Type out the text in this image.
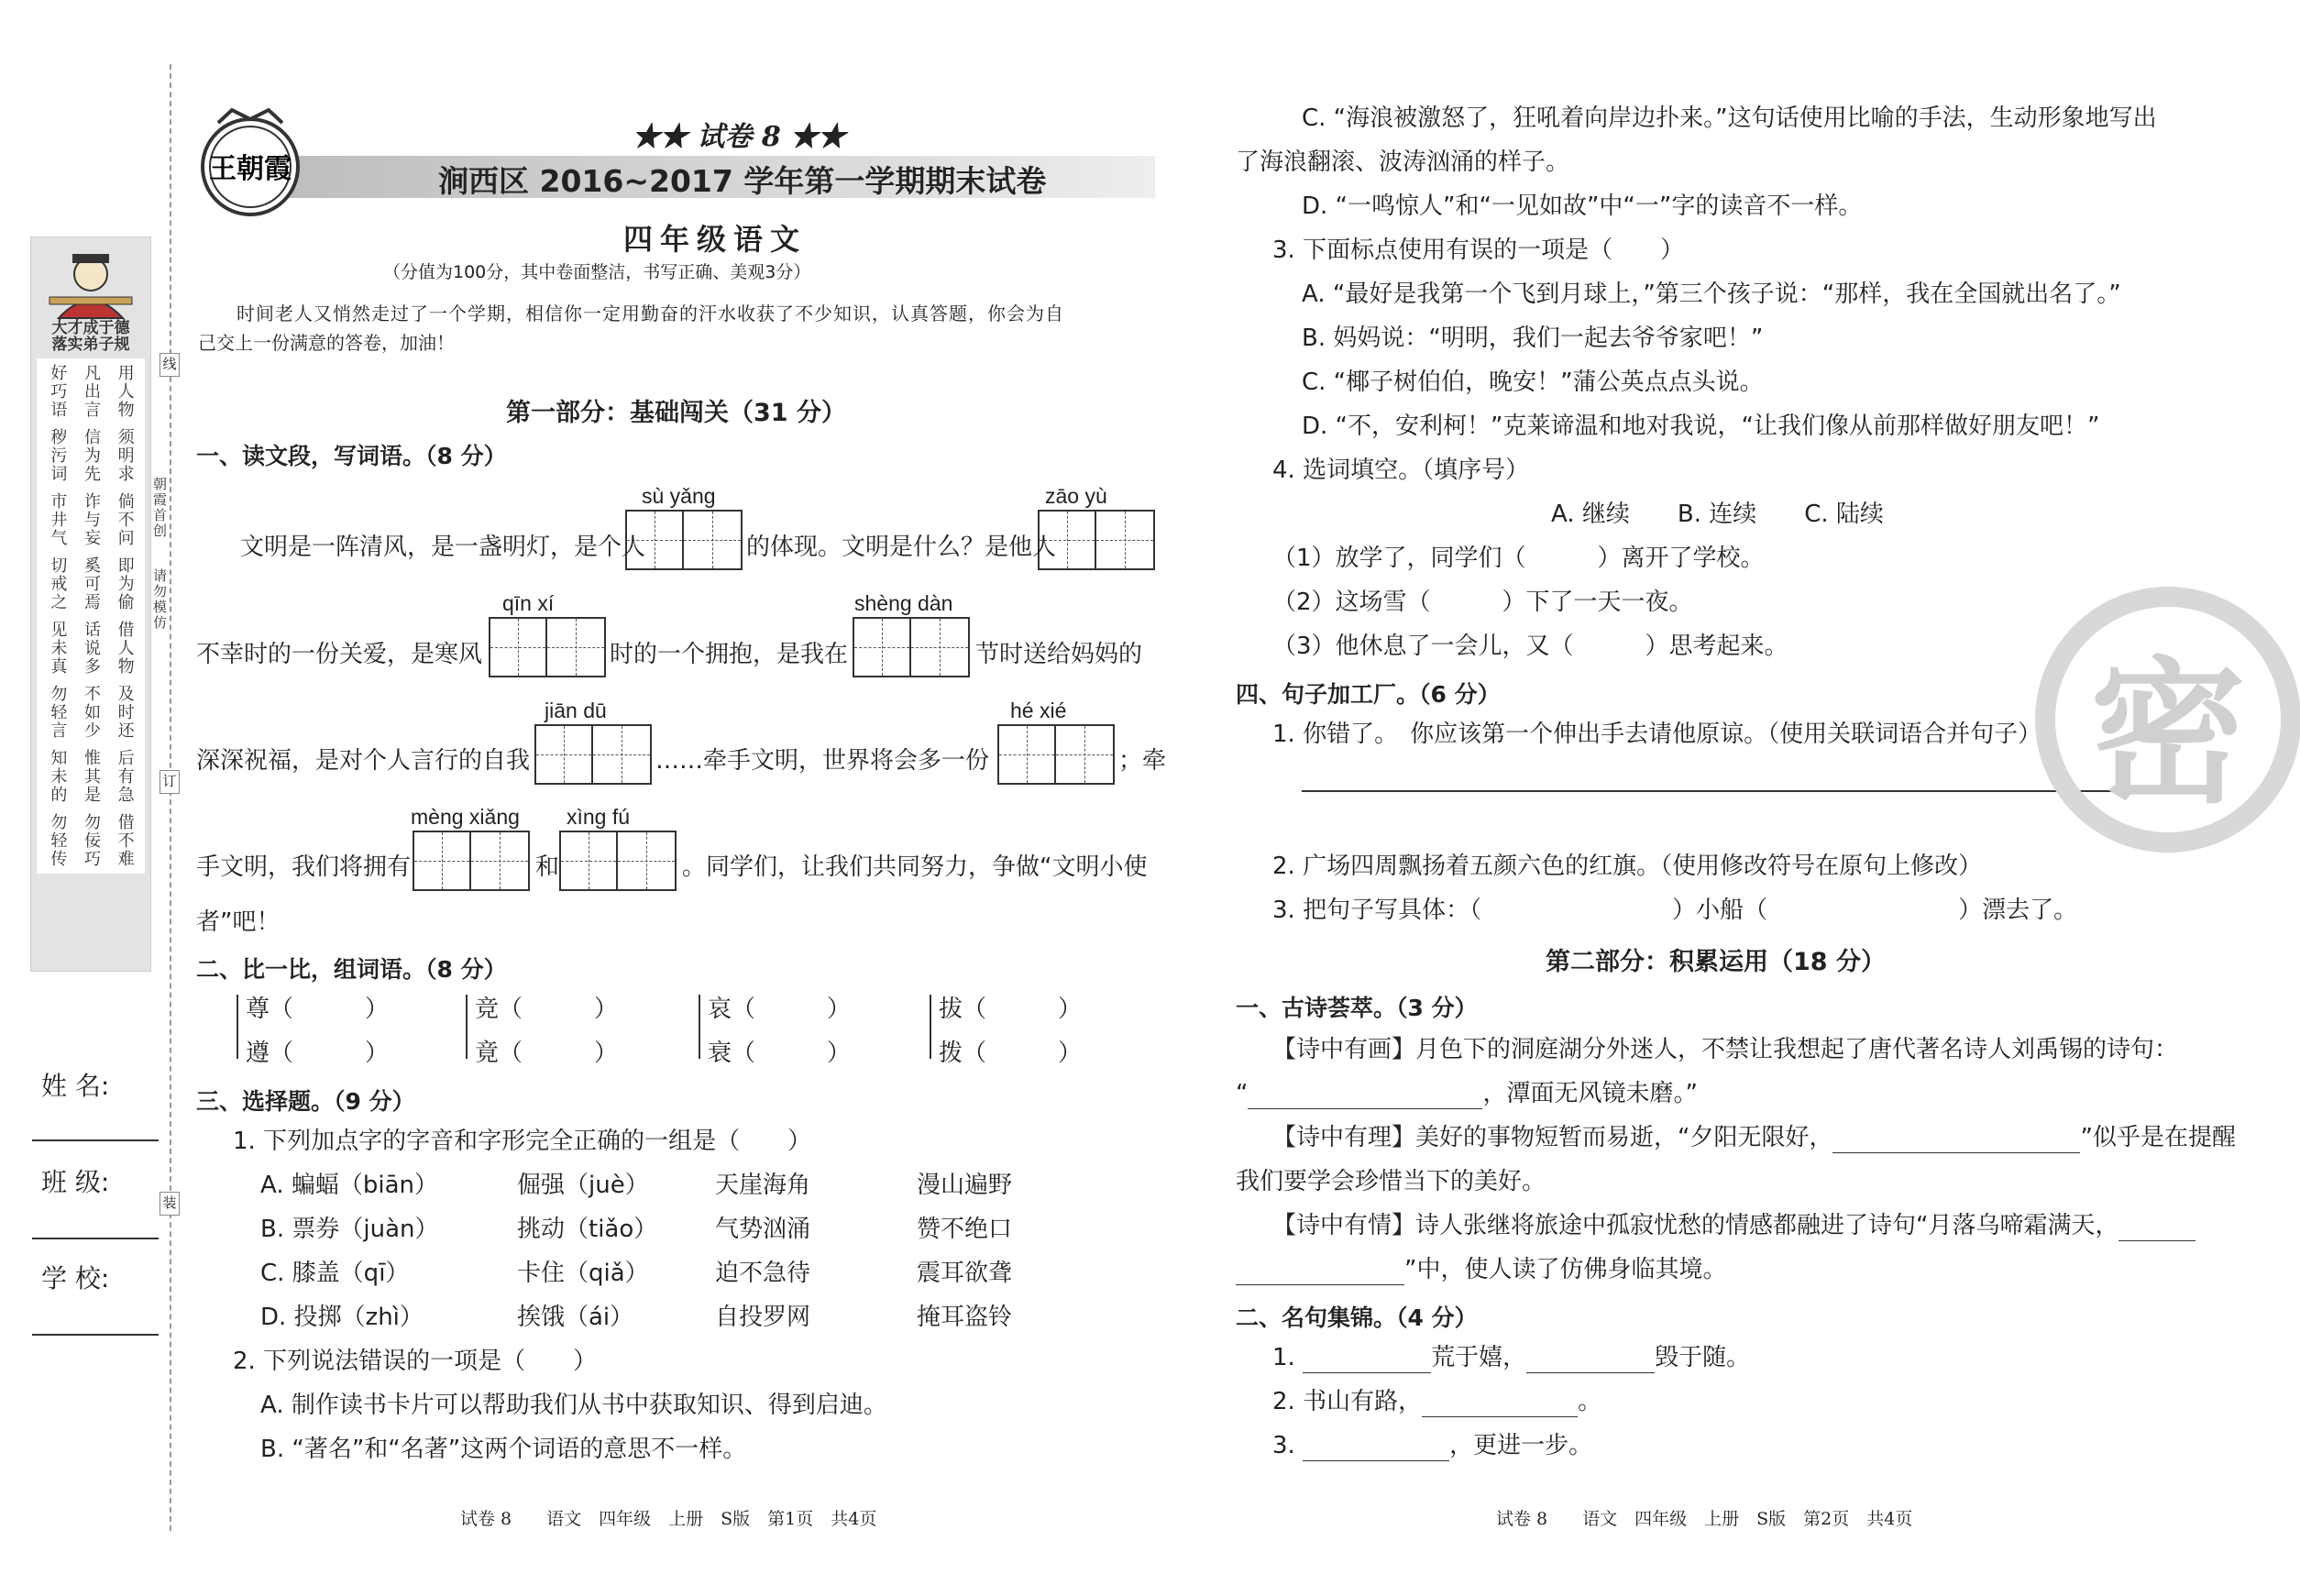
线
订
装
朝霞首创
请勿模仿
大才成于德
落实弟子规
好巧语 凡出言 用人物
秽污词 信为先 须明求
市井气 诈与妄 倘不问
切戒之 奚可焉 即为偷
见未真 话说多 借人物
勿轻言 不如少 及时还
知未的 惟其是 后有急
勿轻传 勿佞巧 借不难
姓 名:
班 级:
学 校:
王朝霞
★★ 试卷 8 ★★
涧西区 2016~2017 学年第一学期期末试卷
四年级语文
（分值为100分，其中卷面整洁，书写正确、美观3分）
时间老人又悄然走过了一个学期，相信你一定用勤奋的汗水收获了不少知识，认真答题，你会为自
己交上一份满意的答卷，加油！
第一部分：基础闯关（31 分）
一、读文段，写词语。（8 分）
sù yǎng	zāo yù
qīn xí	shèng dàn
jiān dū	hé xié
mèng xiǎng xìng fú
文明是一阵清风，是一盏明灯，是个人	的体现。文明是什么？是他人
不幸时的一份关爱，是寒风	时的一个拥抱，是我在	节时送给妈妈的
深深祝福，是对个人言行的自我	……牵手文明，世界将会多一份	；牵
手文明，我们将拥有	和	。同学们，让我们共同努力，争做“文明小使
者”吧！
二、比一比，组词语。（8 分）
尊（　　　）	竞（　　　）	哀（　　　）	拔（　　　）
遵（　　　）	竟（　　　）	衰（　　　）	拨（　　　）
三、选择题。（9 分）
1. 下列加点字的字音和字形完全正确的一组是（　　）
A. 蝙蝠（biān）	倔强（juè）	天崖海角	漫山遍野
B. 票券（juàn）	挑动（tiǎo） 气势汹涌	赞不绝口
C. 膝盖（qī）	卡住（qiǎ）	迫不急待	震耳欲聋
D. 投掷（zhì）	挨饿（ái）	自投罗网	掩耳盗铃
2. 下列说法错误的一项是（　　）
A. 制作读书卡片可以帮助我们从书中获取知识、得到启迪。
B. “著名”和“名著”这两个词语的意思不一样。
试卷 8　　语文　四年级　上册　S版　第1页　共4页
C. “海浪被激怒了，狂吼着向岸边扑来。”这句话使用比喻的手法，生动形象地写出
了海浪翻滚、波涛汹涌的样子。
D. “一鸣惊人”和“一见如故”中“一”字的读音不一样。
3. 下面标点使用有误的一项是（　　）
A. “最好是我第一个飞到月球上，”第三个孩子说：“那样，我在全国就出名了。”
B. 妈妈说：“明明，我们一起去爷爷家吧！”
C. “椰子树伯伯，晚安！”蒲公英点点头说。
D. “不，安利柯！”克莱谛温和地对我说，“让我们像从前那样做好朋友吧！”
4. 选词填空。（填序号）
A. 继续　　B. 连续　　C. 陆续
（1）放学了，同学们（　　　）离开了学校。
（2）这场雪（　　　）下了一天一夜。
（3）他休息了一会儿，又（　　　）思考起来。
四、句子加工厂。（6 分）
1. 你错了。　你应该第一个伸出手去请他原谅。（使用关联词语合并句子）
2. 广场四周飘扬着五颜六色的红旗。（使用修改符号在原句上修改）
3. 把句子写具体：（　　　　　　　　）小船（　　　　　　　　）漂去了。
第二部分：积累运用（18 分）
一、古诗荟萃。（3 分）
【诗中有画】月色下的洞庭湖分外迷人，不禁让我想起了唐代著名诗人刘禹锡的诗句：
“	，潭面无风镜未磨。”
【诗中有理】美好的事物短暂而易逝，“夕阳无限好，	”似乎是在提醒
我们要学会珍惜当下的美好。
【诗中有情】诗人张继将旅途中孤寂忧愁的情感都融进了诗句“月落乌啼霜满天，
”中，使人读了仿佛身临其境。
二、名句集锦。（4 分）
1.	荒于嬉，	毁于随。
2. 书山有路，	。
3.	，更进一步。
试卷 8　　语文　四年级　上册　S版　第2页　共4页
密
